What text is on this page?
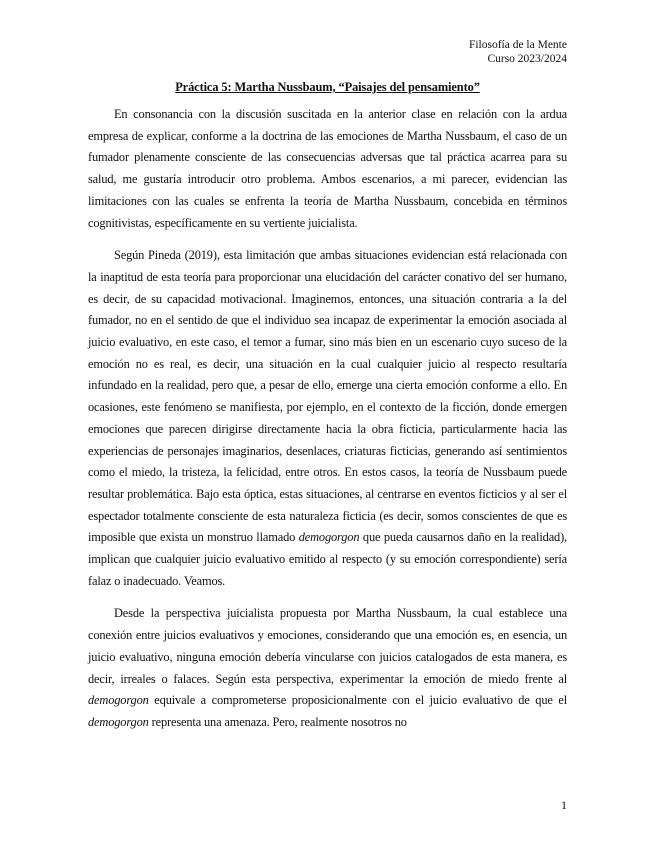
Filosofía de la Mente
Curso 2023/2024
Práctica 5: Martha Nussbaum, “Paisajes del pensamiento”

En consonancia con la discusión suscitada en la anterior clase en relación con la ardua empresa de explicar, conforme a la doctrina de las emociones de Martha Nussbaum, el caso de un fumador plenamente consciente de las consecuencias adversas que tal práctica acarrea para su salud, me gustaría introducir otro problema. Ambos escenarios, a mi parecer, evidencian las limitaciones con las cuales se enfrenta la teoría de Martha Nussbaum, concebida en términos cognitivistas, específicamente en su vertiente juicialista.

Según Pineda (2019), esta limitación que ambas situaciones evidencian está relacionada con la inaptitud de esta teoría para proporcionar una elucidación del carácter conativo del ser humano, es decir, de su capacidad motivacional. Imaginemos, entonces, una situación contraria a la del fumador, no en el sentido de que el individuo sea incapaz de experimentar la emoción asociada al juicio evaluativo, en este caso, el temor a fumar, sino más bien en un escenario cuyo suceso de la emoción no es real, es decir, una situación en la cual cualquier juicio al respecto resultaría infundado en la realidad, pero que, a pesar de ello, emerge una cierta emoción conforme a ello. En ocasiones, este fenómeno se manifiesta, por ejemplo, en el contexto de la ficción, donde emergen emociones que parecen dirigirse directamente hacia la obra ficticia, particularmente hacia las experiencias de personajes imaginarios, desenlaces, criaturas ficticias, generando así sentimientos como el miedo, la tristeza, la felicidad, entre otros. En estos casos, la teoría de Nussbaum puede resultar problemática. Bajo esta óptica, estas situaciones, al centrarse en eventos ficticios y al ser el espectador totalmente consciente de esta naturaleza ficticia (es decir, somos conscientes de que es imposible que exista un monstruo llamado demogorgon que pueda causarnos daño en la realidad), implican que cualquier juicio evaluativo emitido al respecto (y su emoción correspondiente) sería falaz o inadecuado. Veamos.

Desde la perspectiva juicialista propuesta por Martha Nussbaum, la cual establece una conexión entre juicios evaluativos y emociones, considerando que una emoción es, en esencia, un juicio evaluativo, ninguna emoción debería vincularse con juicios catalogados de esta manera, es decir, irreales o falaces. Según esta perspectiva, experimentar la emoción de miedo frente al demogorgon equivale a comprometerse proposicionalmente con el juicio evaluativo de que el demogorgon representa una amenaza. Pero, realmente nosotros no

1
